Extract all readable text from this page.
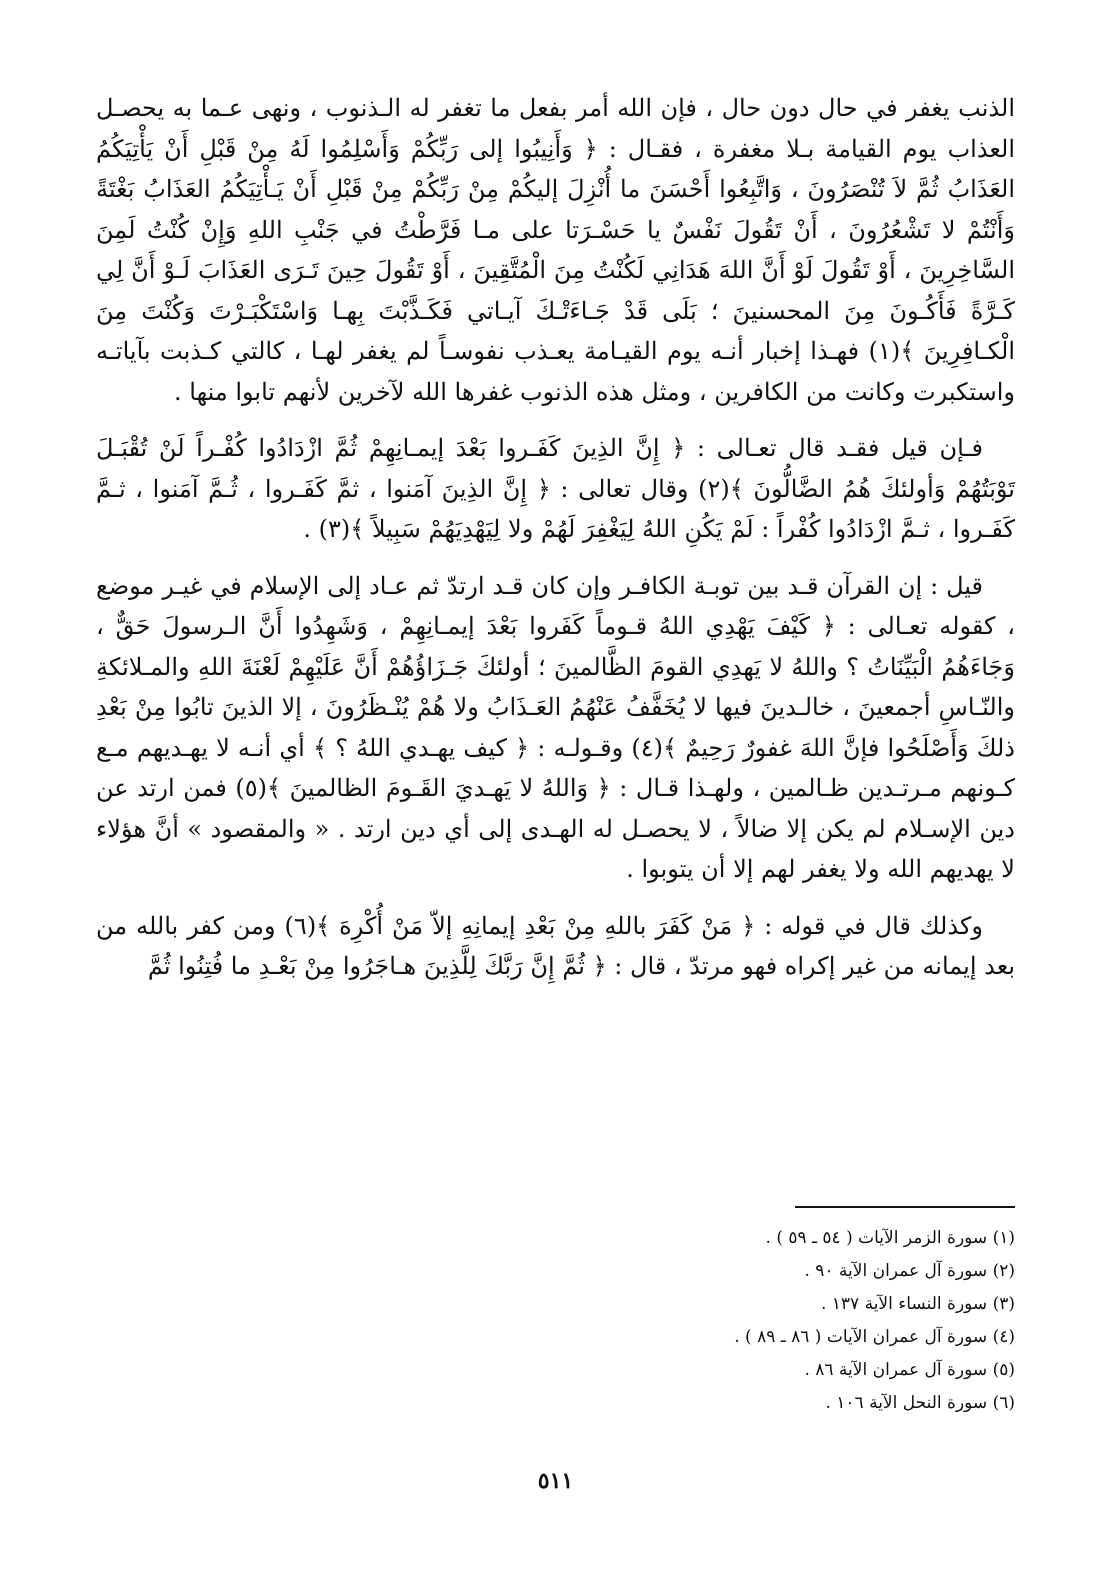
الذنب يغفر في حال دون حال ، فإن الله أمر بفعل ما تغفر له الـذنوب ، ونهى عـما به يحصـل العذاب يوم القيامة بـلا مغفرة ، فقـال : ﴿ وَأَنِيبُوا إلى رَبِّكُمْ وَأَسْلِمُوا لَهُ مِنْ قَبْلِ أَنْ يَأْتِيَكُمُ العَذَابُ ثُمَّ لاَ تُنْصَرُونَ ، وَاتَّبِعُوا أَحْسَنَ ما أُنْزِلَ إليكُمْ مِنْ رَبِّكُمْ مِنْ قَبْلِ أَنْ يَـأْتِيَكُمُ العَذَابُ بَغْتَةً وَأَنْتُمْ لا تَشْعُرُونَ ، أَنْ تَقُولَ نَفْسٌ يا حَسْـرَتا على مـا فَرَّطْتُ في جَنْبِ اللهِ وَإِنْ كُنْتُ لَمِنَ السَّاخِرِينَ ، أَوْ تَقُولَ لَوْ أَنَّ اللهَ هَدَانِي لَكُنْتُ مِنَ الْمُتَّقِينَ ، أَوْ تَقُولَ حِينَ تَـرَى العَذَابَ لَـوْ أَنَّ لِي كَـرَّةً فَأَكُـونَ مِنَ المحسنينَ ؛ بَلَى قَدْ جَـاءَتْـكَ آيـاتي فَكَـذَّبْتَ بِهـا وَاسْتَكْبَـرْتَ وَكُنْتَ مِنَ الْكـافِرِينَ ﴾(١) فهـذا إخبار أنـه يوم القيـامة يعـذب نفوسـاً لم يغفر لهـا ، كالتي كـذبت بآياتـه واستكبرت وكانت من الكافرين ، ومثل هذه الذنوب غفرها الله لآخرين لأنهم تابوا منها .

فـإن قيل فقـد قال تعـالى : ﴿ إِنَّ الذِينَ كَفَـروا بَعْدَ إيمـانِهِمْ ثُمَّ ازْدَادُوا كُفْـراً لَنْ تُقْبَـلَ تَوْبَتُهُمْ وَأولئكَ هُمُ الضَّالُّونَ ﴾(٢) وقال تعالى : ﴿ إِنَّ الذِينَ آمَنوا ، ثمَّ كَفَـروا ، ثُـمَّ آمَنوا ، ثـمَّ كَفَـروا ، ثـمَّ ازْدَادُوا كُفْراً : لَمْ يَكُنِ اللهُ لِيَغْفِرَ لَهُمْ ولا لِيَهْدِيَهُمْ سَبِيلاً ﴾(٣) .

قيل : إن القرآن قـد بين توبـة الكافـر وإن كان قـد ارتدّ ثم عـاد إلى الإسلام في غيـر موضع ، كقوله تعـالى : ﴿ كَيْفَ يَهْدِي اللهُ قـوماً كَفَروا بَعْدَ إيمـانِهِمْ ، وَشَهِدُوا أَنَّ الـرسولَ حَقٌّ ، وَجَاءَهُمُ الْبَيِّنَاتُ ؟ واللهُ لا يَهدِي القومَ الظَّالمينَ ؛ أولئكَ جَـزَاؤُهُمْ أَنَّ عَلَيْهِمْ لَعْنَةَ اللهِ والمـلائكةِ والنّـاسِ أجمعينَ ، خالـدينَ فيها لا يُخَفَّفُ عَنْهُمُ العَـذَابُ ولا هُمْ يُنْـظَرُونَ ، إلا الذينَ تابُوا مِنْ بَعْدِ ذلكَ وَأَصْلَحُوا فإنَّ اللهَ غفورٌ رَحِيمٌ ﴾(٤) وقـولـه : ﴿ كيف يهـدي اللهُ ؟ ﴾ أي أنـه لا يهـديهم مـع كـونهم مـرتـدين ظـالمين ، ولهـذا قـال : ﴿ وَاللهُ لا يَهـديَ القَـومَ الظالمينَ ﴾(٥) فمن ارتد عن دين الإسـلام لم يكن إلا ضالاً ، لا يحصـل له الهـدى إلى أي دين ارتد . « والمقصود » أنَّ هؤلاء لا يهديهم الله ولا يغفر لهم إلا أن يتوبوا .

وكذلك قال في قوله : ﴿ مَنْ كَفَرَ باللهِ مِنْ بَعْدِ إيمانِهِ إلاّ مَنْ أُكْرِهَ ﴾(٦) ومن كفر بالله من بعد إيمانه من غير إكراه فهو مرتدّ ، قال : ﴿ ثُمَّ إِنَّ رَبَّكَ لِلَّذِينَ هـاجَرُوا مِنْ بَعْـدِ ما فُتِنُوا ثُمَّ

(١) سورة الزمر الآيات ( ٥٤ ـ ٥٩ ) .
(٢) سورة آل عمران الآية ٩٠ .
(٣) سورة النساء الآية ١٣٧ .
(٤) سورة آل عمران الآيات ( ٨٦ ـ ٨٩ ) .
(٥) سورة آل عمران الآية ٨٦ .
(٦) سورة النحل الآية ١٠٦ .
٥١١
